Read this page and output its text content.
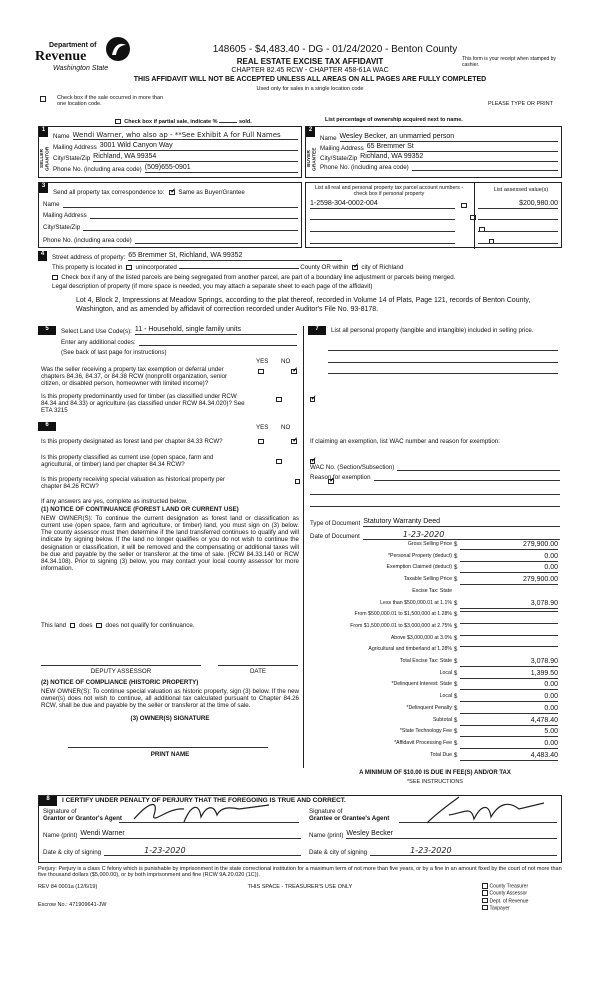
Department of
Revenue
Washington State
148605 - $4,483.40 - DG - 01/24/2020 - Benton County
REAL ESTATE EXCISE TAX AFFIDAVIT
CHAPTER 82.45 RCW - CHAPTER 458-61A WAC
This form is your receipt when stamped by cashier.
THIS AFFIDAVIT WILL NOT BE ACCEPTED UNLESS ALL AREAS ON ALL PAGES ARE FULLY COMPLETED
Used only for sales in a single location code
Check box if the sale occurred in more than one location code.	PLEASE TYPE OR PRINT
Check box if partial sale, indicate %	sold.	List percentage of ownership acquired next to name.
1
SELLER GRANTOR
Name Wendi Warner, who also ap - **See Exhibit A for Full Names
Mailing Address 3001 Wild Canyon Way
City/State/Zip Richland, WA 99354
Phone No. (including area code) (509)655-0901
2
BUYER GRANTEE
Name Wesley Becker, an unmarried person
Mailing Address 65 Bremmer St
City/State/Zip Richland, WA 99352
Phone No. (including area code)
3
Send all property tax correspondence to: ✓ Same as Buyer/Grantee
Name
Mailing Address
City/State/Zip
Phone No. (including area code)
List all real and personal property tax parcel account numbers - check box if personal property
List assessed value(s)
1-2598-304-0002-004
	$200,980.00

4	Street address of property: 65 Bremmer St, Richland, WA 99352
This property is located in unincorporated	County OR within ✓ city of Richland
Check box if any of the listed parcels are being segregated from another parcel, are part of a boundary line adjustment or parcels being merged.
Legal description of property (if more space is needed, you may attach a separate sheet to each page of the affidavit)
Lot 4, Block 2, Impressions at Meadow Springs, according to the plat thereof, recorded in Volume 14 of Plats, Page 121, records of Benton County, Washington, and as amended by affidavit of correction recorded under Auditor's File No. 93-8178.
5	Select Land Use Code(s): 11 - Household, single family units
Enter any additional codes:
(See back of last page for instructions)
YES NO
Was the seller receiving a property tax exemption or deferral under chapters 84.36, 84.37, or 84.38 RCW (nonprofit organization, senior citizen, or disabled person, homeowner with limited income)?
✓
Is this property predominantly used for timber (as classified under RCW 84.34 and 84.33) or agriculture (as classified under RCW 84.34.020)? See ETA 3215
✓
6	YES NO
Is this property designated as forest land per chapter 84.33 RCW?
✓
Is this property classified as current use (open space, farm and agricultural, or timber) land per chapter 84.34 RCW?
✓
Is this property receiving special valuation as historical property per chapter 84.26 RCW?
✓
If any answers are yes, complete as instructed below.
(1) NOTICE OF CONTINUANCE (FOREST LAND OR CURRENT USE)
NEW OWNER(S): To continue the current designation as forest land or classification as current use (open space, farm and agriculture, or timber) land, you must sign on (3) below. The county assessor must then determine if the land transferred continues to qualify and will indicate by signing below. If the land no longer qualifies or you do not wish to continue the designation or classification, it will be removed and the compensating or additional taxes will be due and payable by the seller or transferor at the time of sale. (RCW 84.33.140 or RCW 84.34.108). Prior to signing (3) below, you may contact your local county assessor for more information.
This land does does not qualify for continuance.
DEPUTY ASSESSOR	DATE
(2) NOTICE OF COMPLIANCE (HISTORIC PROPERTY)
NEW OWNER(S): To continue special valuation as historic property, sign (3) below. If the new owner(s) does not wish to continue, all additional tax calculated pursuant to Chapter 84.26 RCW, shall be due and payable by the seller or transferor at the time of sale.
(3) OWNER(S) SIGNATURE
PRINT NAME
7	List all personal property (tangible and intangible) included in selling price.
If claiming an exemption, list WAC number and reason for exemption:
WAC No. (Section/Subsection)
Reason for exemption
Type of Document Statutory Warranty Deed
Date of Document	1-23-2020
Gross Selling Price $	279,900.00
*Personal Property (deduct) $	0.00
Exemption Claimed (deduct) $	0.00
Taxable Selling Price $	279,900.00
Excise Tax: State
Less than $500,000.01 at 1.1% $	3,078.90
From $500,000.01 to $1,500,000 at 1.28% $
From $1,500,000.01 to $3,000,000 at 2.75% $
Above $3,000,000 at 3.0% $
Agricultural and timberland at 1.28% $
Total Excise Tax: State $	3,078.90
Local $	1,399.50
*Delinquent Interest: State $	0.00
Local $	0.00
*Delinquent Penalty $	0.00
Subtotal $	4,478.40
*State Technology Fee $	5.00
*Affidavit Processing Fee $	0.00
Total Due $	4,483.40
A MINIMUM OF $10.00 IS DUE IN FEE(S) AND/OR TAX
*SEE INSTRUCTIONS
8	I CERTIFY UNDER PENALTY OF PERJURY THAT THE FOREGOING IS TRUE AND CORRECT.
Signature of
Grantor or Grantor's Agent
Signature of
Grantee or Grantee's Agent
Name (print) Wendi Warner	Name (print) Wesley Becker
Date & city of signing	1-23-2020	Date & city of signing	1-23-2020
Perjury: Perjury is a class C felony which is punishable by imprisonment in the state correctional institution for a maximum term of not more than five years, or by a fine in an amount fixed by the court of not more than five thousand dollars ($5,000.00), or by both imprisonment and fine (RCW 9A.20.020 (1C)).
REV 84 0001a (12/6/19)	THIS SPACE - TREASURER'S USE ONLY
Escrow No.: 471909641-JW
County Treasurer
County Assessor
Dept. of Revenue
Taxpayer
